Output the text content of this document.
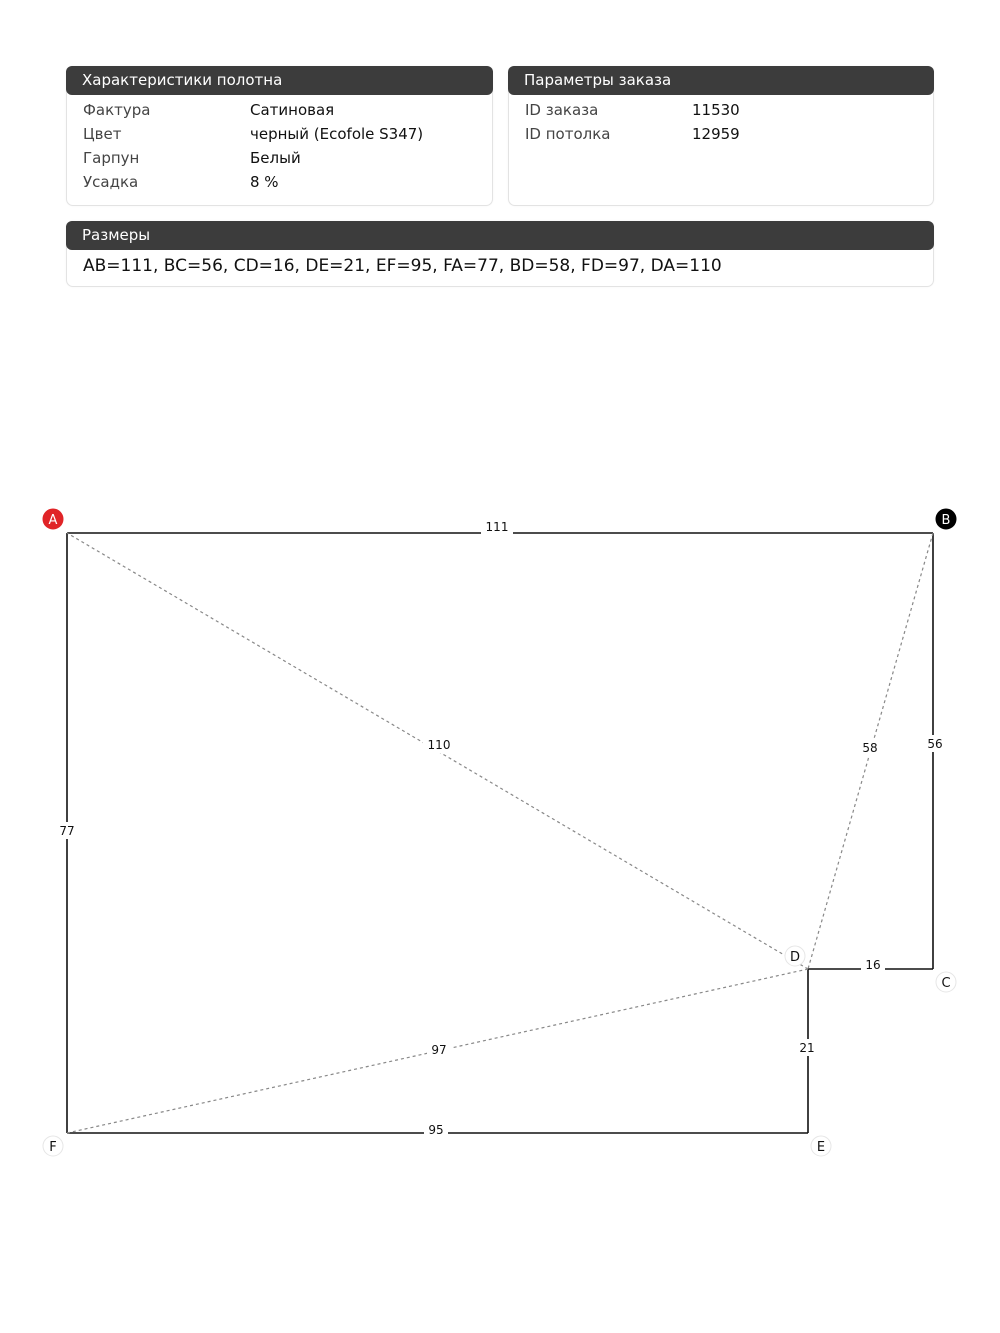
Характеристики полотна
Фактура	Сатиновая
Цвет	черный (Ecofole S347)
Гарпун	Белый
Усадка	8 %
Параметры заказа
ID заказа	11530
ID потолка	12959
Размеры
AB=111, BC=56, CD=16, DE=21, EF=95, FA=77, BD=58, FD=97, DA=110
111
56
16
21
95
77
58
97
110
A	B
C
D
E
F
